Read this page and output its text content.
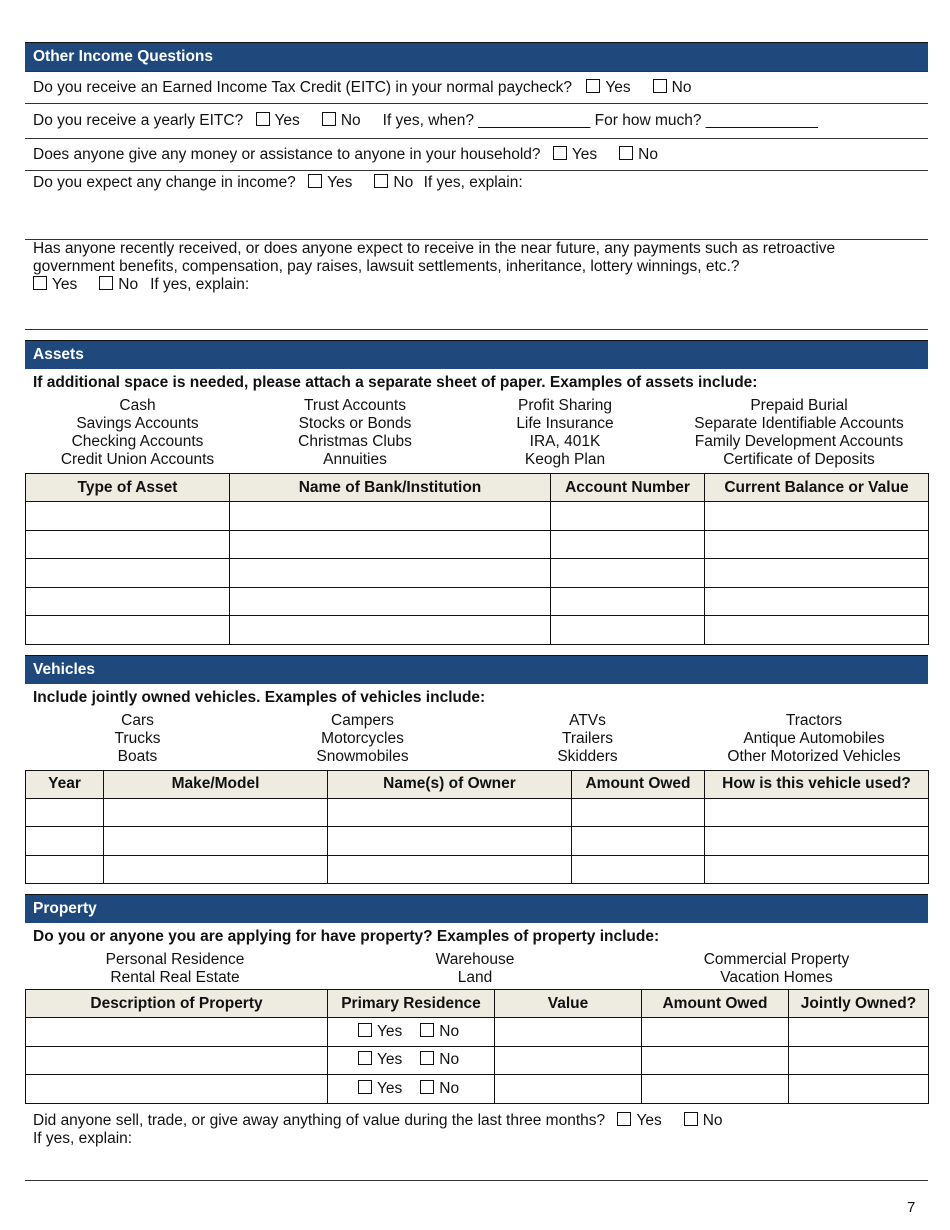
Other Income Questions
Do you receive an Earned Income Tax Credit (EITC) in your normal paycheck? Yes	No
Do you receive a yearly EITC? Yes	No If yes, when? _____________ For how much? _____________
Does anyone give any money or assistance to anyone in your household? Yes	No
Do you expect any change in income? Yes	No If yes, explain:
Has anyone recently received, or does anyone expect to receive in the near future, any payments such as retroactive
government benefits, compensation, pay raises, lawsuit settlements, inheritance, lottery winnings, etc.?
Yes	No If yes, explain:
Assets
If additional space is needed, please attach a separate sheet of paper. Examples of assets include:
Cash
Savings Accounts
Checking Accounts
Credit Union Accounts
Trust Accounts
Stocks or Bonds
Christmas Clubs
Annuities
Profit Sharing
Life Insurance
IRA, 401K
Keogh Plan
Prepaid Burial
Separate Identifiable Accounts
Family Development Accounts
Certificate of Deposits
Type of Asset	Name of Bank/Institution	Account Number	Current Balance or Value

Vehicles
Include jointly owned vehicles. Examples of vehicles include:
Cars
Trucks
Boats
Campers
Motorcycles
Snowmobiles
ATVs
Trailers
Skidders
Tractors
Antique Automobiles
Other Motorized Vehicles
Year	Make/Model	Name(s) of Owner	Amount Owed	How is this vehicle used?

Property
Do you or anyone you are applying for have property? Examples of property include:
Personal Residence
Rental Real Estate
Warehouse
Land
Commercial Property
Vacation Homes
Description of Property	Primary Residence	Value	Amount Owed	Jointly Owned?
	Yes No			
	Yes No			
	Yes No			
Did anyone sell, trade, or give away anything of value during the last three months? Yes	No
If yes, explain:
7
